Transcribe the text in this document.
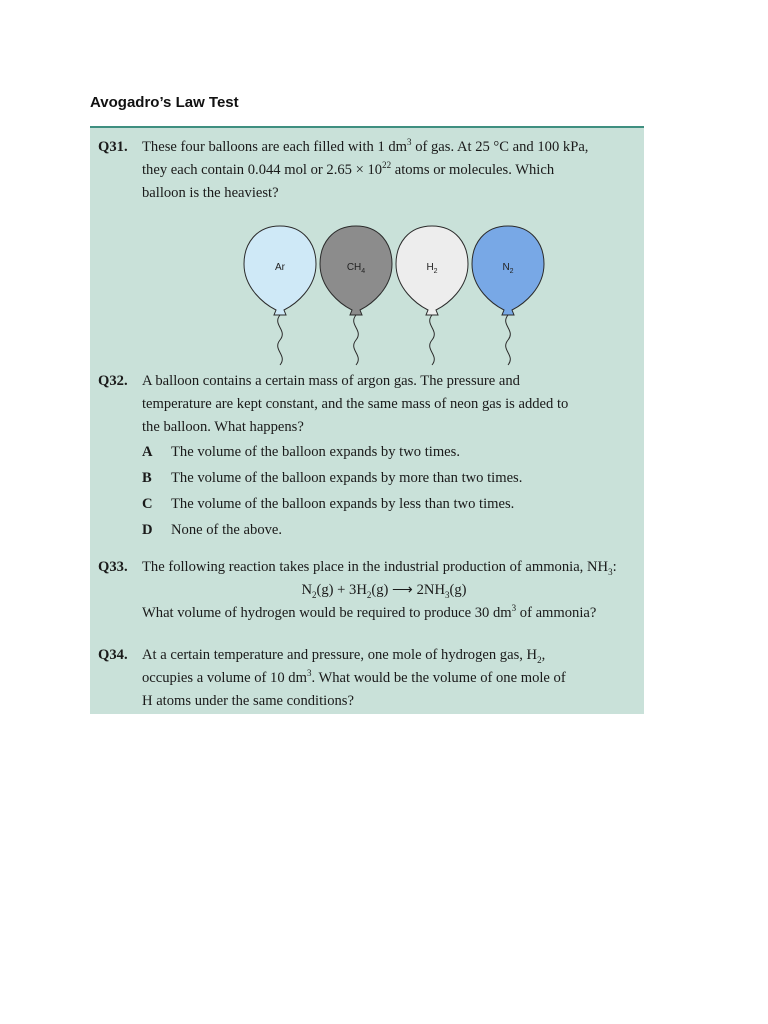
Avogadro’s Law Test
Q31. These four balloons are each filled with 1 $dm^3$ of gas. At 25 °C and 100 kPa,

they each contain 0.044 mol or $2.65 \times 10^{22}$ atoms or molecules. Which

balloon is the heaviest?

Ar	$CH_4$	$H_2$	$N_2$
Q32. A balloon contains a certain mass of argon gas. The pressure and

temperature are kept constant, and the same mass of neon gas is added to

the balloon. What happens?

A The volume of the balloon expands by two times.
B The volume of the balloon expands by more than two times.
C The volume of the balloon expands by less than two times.
D None of the above.
Q33. The following reaction takes place in the industrial production of ammonia, $NH_3$:

$N_2(g) + 3H_2(g)$ ⟶ $2NH_3(g)$

What volume of hydrogen would be required to produce 30 $dm^3$ of ammonia?

Q34. At a certain temperature and pressure, one mole of hydrogen gas, $H_2$,

occupies a volume of 10 $dm^3$. What would be the volume of one mole of

H atoms under the same conditions?
